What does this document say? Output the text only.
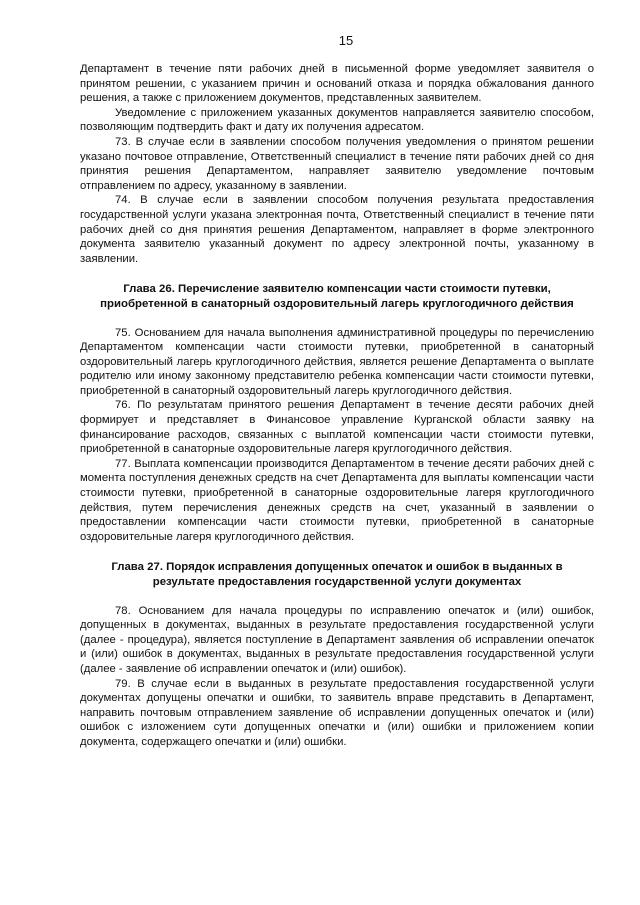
15

Департамент в течение пяти рабочих дней в письменной форме уведомляет заявителя о принятом решении, с указанием причин и оснований отказа и порядка обжалования данного решения, а также с приложением документов, представленных заявителем.

Уведомление с приложением указанных документов направляется заявителю способом, позволяющим подтвердить факт и дату их получения адресатом.

73. В случае если в заявлении способом получения уведомления о принятом решении указано почтовое отправление, Ответственный специалист в течение пяти рабочих дней со дня принятия решения Департаментом, направляет заявителю уведомление почтовым отправлением по адресу, указанному в заявлении.

74. В случае если в заявлении способом получения результата предоставления государственной услуги указана электронная почта, Ответственный специалист в течение пяти рабочих дней со дня принятия решения Департаментом, направляет в форме электронного документа заявителю указанный документ по адресу электронной почты, указанному в заявлении.

Глава 26. Перечисление заявителю компенсации части стоимости путевки, приобретенной в санаторный оздоровительный лагерь круглогодичного действия

75. Основанием для начала выполнения административной процедуры по перечислению Департаментом компенсации части стоимости путевки, приобретенной в санаторный оздоровительный лагерь круглогодичного действия, является решение Департамента о выплате родителю или иному законному представителю ребенка компенсации части стоимости путевки, приобретенной в санаторный оздоровительный лагерь круглогодичного действия.

76. По результатам принятого решения Департамент в течение десяти рабочих дней формирует и представляет в Финансовое управление Курганской области заявку на финансирование расходов, связанных с выплатой компенсации части стоимости путевки, приобретенной в санаторные оздоровительные лагеря круглогодичного действия.

77. Выплата компенсации производится Департаментом в течение десяти рабочих дней с момента поступления денежных средств на счет Департамента для выплаты компенсации части стоимости путевки, приобретенной в санаторные оздоровительные лагеря круглогодичного действия, путем перечисления денежных средств на счет, указанный в заявлении о предоставлении компенсации части стоимости путевки, приобретенной в санаторные оздоровительные лагеря круглогодичного действия.

Глава 27. Порядок исправления допущенных опечаток и ошибок в выданных в результате предоставления государственной услуги документах

78. Основанием для начала процедуры по исправлению опечаток и (или) ошибок, допущенных в документах, выданных в результате предоставления государственной услуги (далее - процедура), является поступление в Департамент заявления об исправлении опечаток и (или) ошибок в документах, выданных в результате предоставления государственной услуги (далее - заявление об исправлении опечаток и (или) ошибок).

79. В случае если в выданных в результате предоставления государственной услуги документах допущены опечатки и ошибки, то заявитель вправе представить в Департамент, направить почтовым отправлением заявление об исправлении допущенных опечаток и (или) ошибок с изложением сути допущенных опечатки и (или) ошибки и приложением копии документа, содержащего опечатки и (или) ошибки.
